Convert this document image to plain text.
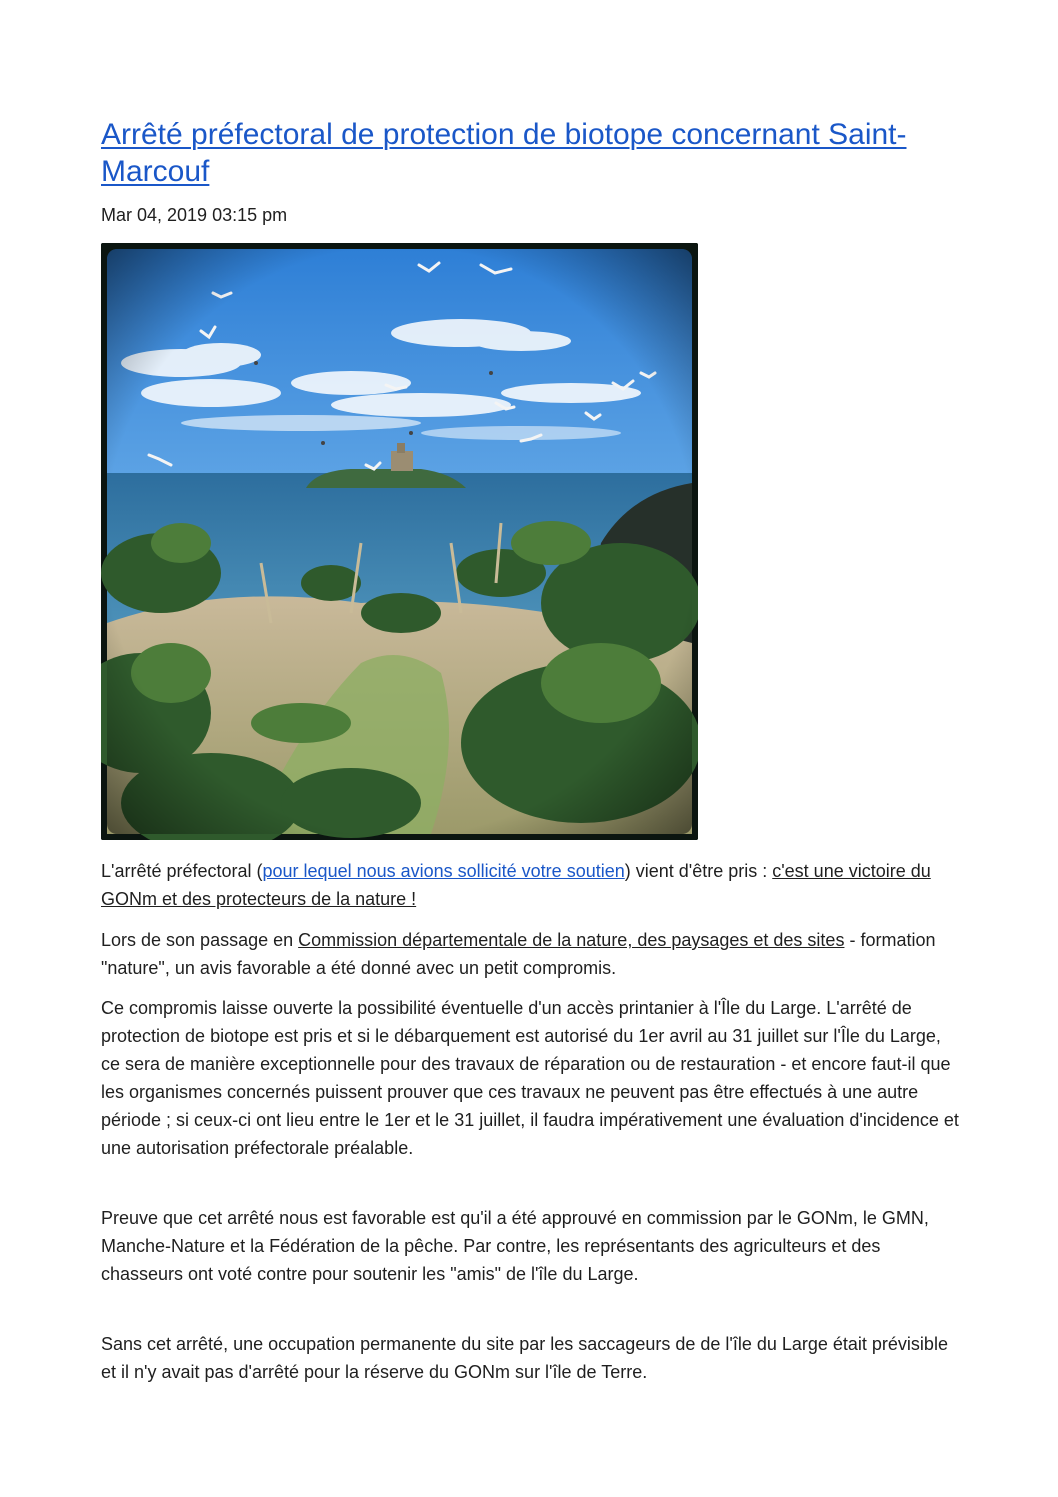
Arrêté préfectoral de protection de biotope concernant Saint-Marcouf
Mar 04, 2019 03:15 pm

L'arrêté préfectoral (pour lequel nous avions sollicité votre soutien) vient d'être pris : c'est une victoire du GONm et des protecteurs de la nature !

Lors de son passage en Commission départementale de la nature, des paysages et des sites - formation "nature", un avis favorable a été donné avec un petit compromis.

Ce compromis laisse ouverte la possibilité éventuelle d'un accès printanier à l'Île du Large. L'arrêté de protection de biotope est pris et si le débarquement est autorisé du 1er avril au 31 juillet sur l'Île du Large, ce sera de manière exceptionnelle pour des travaux de réparation ou de restauration - et encore faut-il que les organismes concernés puissent prouver que ces travaux ne peuvent pas être effectués à une autre période ; si ceux-ci ont lieu entre le 1er et le 31 juillet, il faudra impérativement une évaluation d'incidence et une autorisation préfectorale préalable.

Preuve que cet arrêté nous est favorable est qu'il a été approuvé en commission par le GONm, le GMN, Manche-Nature et la Fédération de la pêche. Par contre, les représentants des agriculteurs et des chasseurs ont voté contre pour soutenir les "amis" de l'île du Large.

Sans cet arrêté, une occupation permanente du site par les saccageurs de de l'île du Large était prévisible et il n'y avait pas d'arrêté pour la réserve du GONm sur l'île de Terre.
